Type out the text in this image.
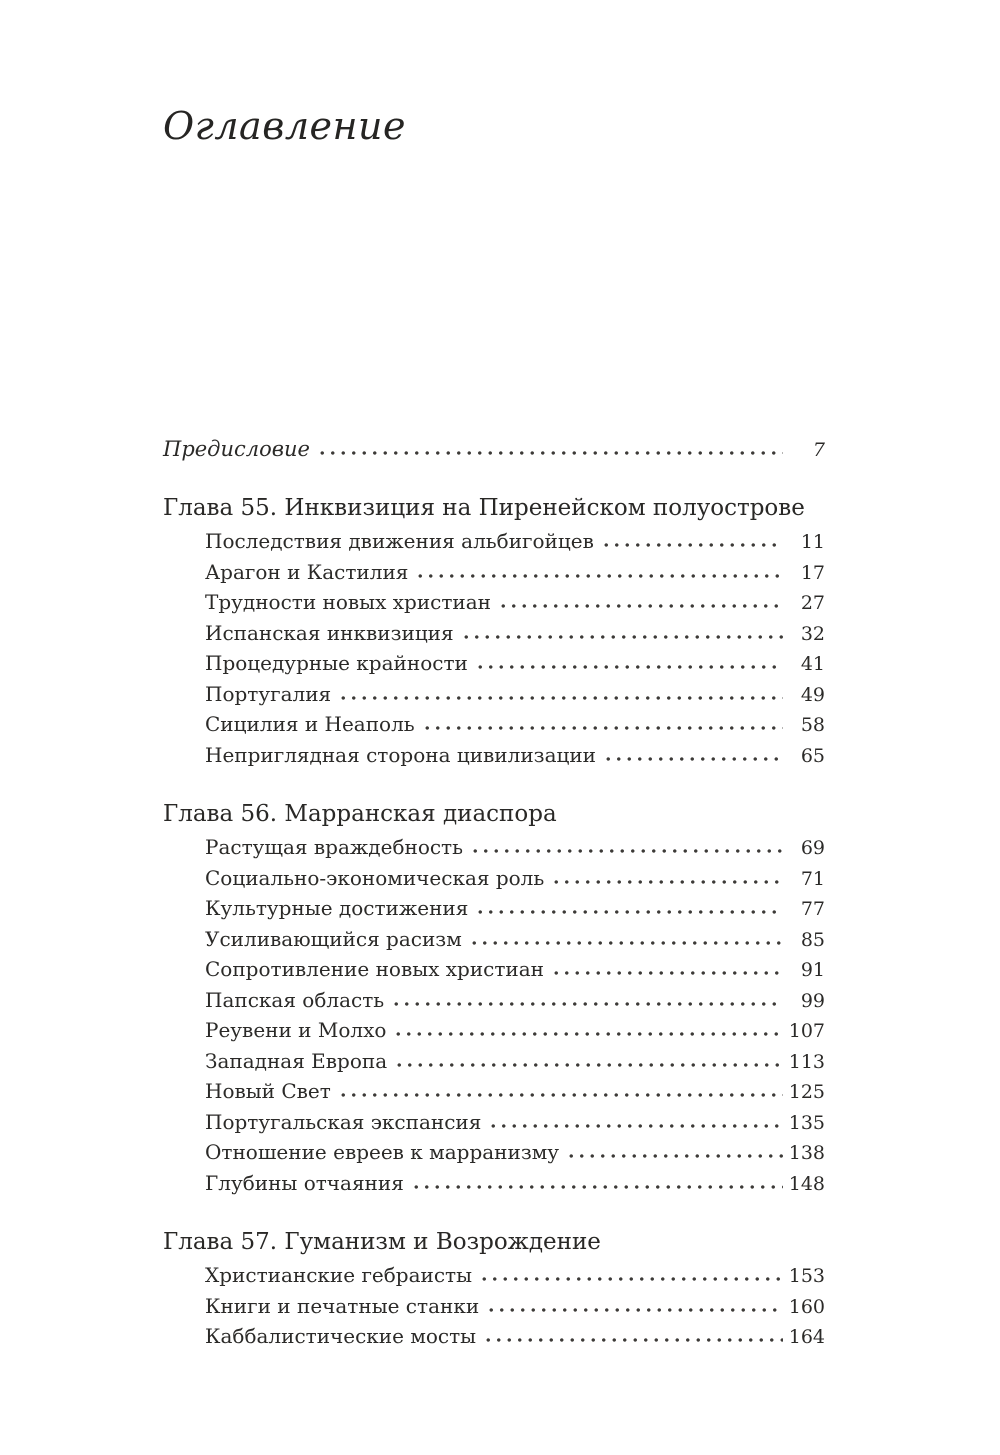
Оглавление
Предисловие	7
Глава 55. Инквизиция на Пиренейском полуострове
Последствия движения альбигойцев	11
Арагон и Кастилия	17
Трудности новых христиан	27
Испанская инквизиция	32
Процедурные крайности	41
Португалия	49
Сицилия и Неаполь	58
Неприглядная сторона цивилизации	65
Глава 56. Марранская диаспора
Растущая враждебность	69
Социально-экономическая роль	71
Культурные достижения	77
Усиливающийся расизм	85
Сопротивление новых христиан	91
Папская область	99
Реувени и Молхо	107
Западная Европа	113
Новый Свет	125
Португальская экспансия	135
Отношение евреев к марранизму	138
Глубины отчаяния	148
Глава 57. Гуманизм и Возрождение
Христианские гебраисты	153
Книги и печатные станки	160
Каббалистические мосты	164
